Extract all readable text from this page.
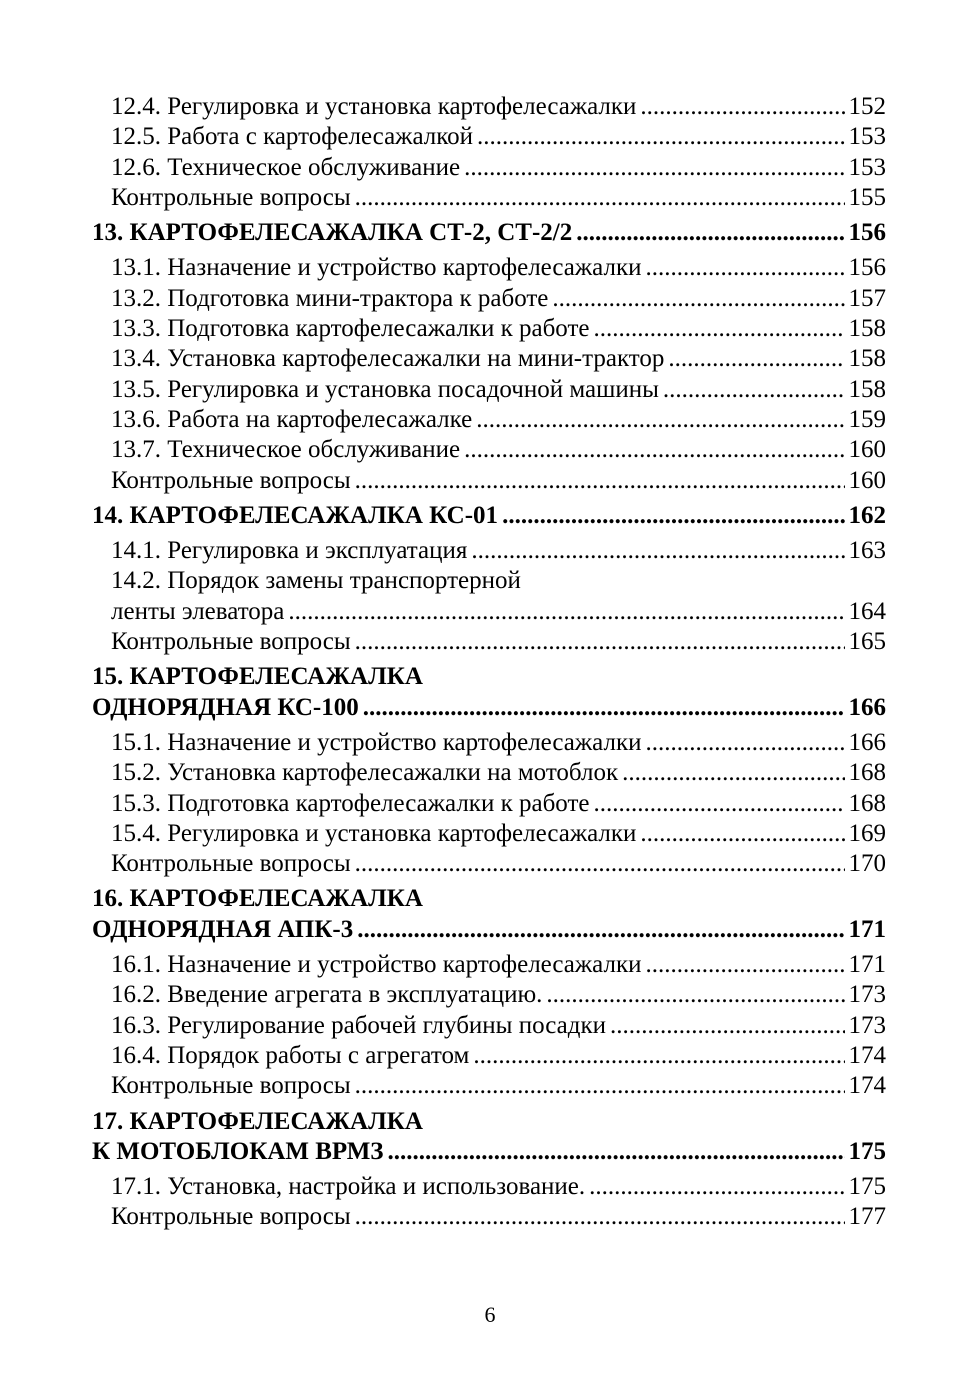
12.4. Регулировка и установка картофелесажалки .....	152
12.5. Работа с картофелесажалкой .....	153
12.6. Техническое обслуживание .....	153
Контрольные вопросы .....	155
13. КАРТОФЕЛЕСАЖАЛКА СТ-2, СТ-2/2 .....	156
13.1. Назначение и устройство картофелесажалки .....	156
13.2. Подготовка мини-трактора к работе .....	157
13.3. Подготовка картофелесажалки к работе .....	158
13.4. Установка картофелесажалки на мини-трактор .....	158
13.5. Регулировка и установка посадочной машины .....	158
13.6. Работа на картофелесажалке .....	159
13.7. Техническое обслуживание .....	160
Контрольные вопросы .....	160
14. КАРТОФЕЛЕСАЖАЛКА КС-01 .....	162
14.1. Регулировка и эксплуатация .....	163
14.2. Порядок замены транспортерной
ленты элеватора .....	164
Контрольные вопросы .....	165
15. КАРТОФЕЛЕСАЖАЛКА
ОДНОРЯДНАЯ КС-100 .....	166
15.1. Назначение и устройство картофелесажалки .....	166
15.2. Установка картофелесажалки на мотоблок .....	168
15.3. Подготовка картофелесажалки к работе .....	168
15.4. Регулировка и установка картофелесажалки .....	169
Контрольные вопросы .....	170
16. КАРТОФЕЛЕСАЖАЛКА
ОДНОРЯДНАЯ АПК-3 .....	171
16.1. Назначение и устройство картофелесажалки .....	171
16.2. Введение агрегата в эксплуатацию. .....	173
16.3. Регулирование рабочей глубины посадки .....	173
16.4. Порядок работы с агрегатом .....	174
Контрольные вопросы .....	174
17. КАРТОФЕЛЕСАЖАЛКА
К МОТОБЛОКАМ ВРМЗ .....	175
17.1. Установка, настройка и использование. .....	175
Контрольные вопросы .....	177
6
